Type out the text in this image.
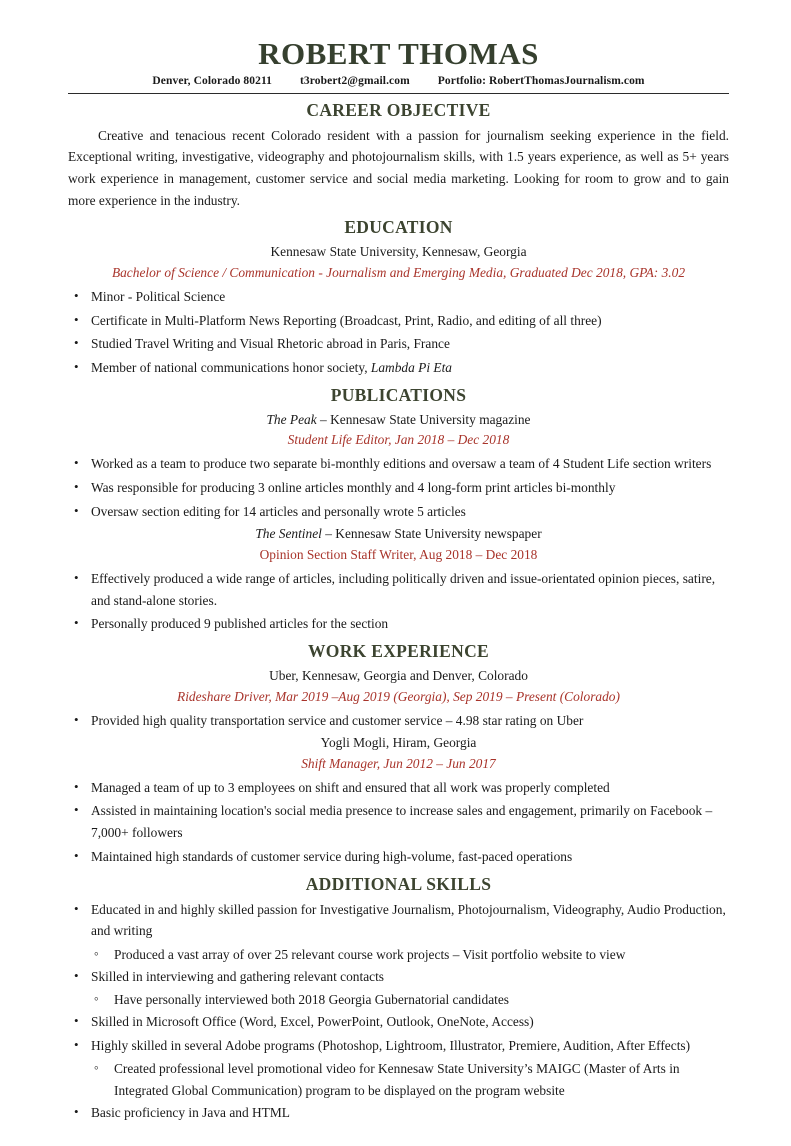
ROBERT THOMAS
Denver, Colorado 80211 t3robert2@gmail.com Portfolio: RobertThomasJournalism.com
CAREER OBJECTIVE

Creative and tenacious recent Colorado resident with a passion for journalism seeking experience in the field. Exceptional writing, investigative, videography and photojournalism skills, with 1.5 years experience, as well as 5+ years work experience in management, customer service and social media marketing. Looking for room to grow and to gain more experience in the industry.

EDUCATION

Kennesaw State University, Kennesaw, Georgia

Bachelor of Science / Communication - Journalism and Emerging Media, Graduated Dec 2018, GPA: 3.02

• Minor - Political Science
• Certificate in Multi-Platform News Reporting (Broadcast, Print, Radio, and editing of all three)
• Studied Travel Writing and Visual Rhetoric abroad in Paris, France
• Member of national communications honor society, Lambda Pi Eta
PUBLICATIONS

The Peak – Kennesaw State University magazine

Student Life Editor, Jan 2018 – Dec 2018

• Worked as a team to produce two separate bi-monthly editions and oversaw a team of 4 Student Life section writers
• Was responsible for producing 3 online articles monthly and 4 long-form print articles bi-monthly
• Oversaw section editing for 14 articles and personally wrote 5 articles

The Sentinel – Kennesaw State University newspaper

Opinion Section Staff Writer, Aug 2018 – Dec 2018

• Effectively produced a wide range of articles, including politically driven and issue-orientated opinion pieces, satire, and stand-alone stories.
• Personally produced 9 published articles for the section
WORK EXPERIENCE

Uber, Kennesaw, Georgia and Denver, Colorado

Rideshare Driver, Mar 2019 –Aug 2019 (Georgia), Sep 2019 – Present (Colorado)

• Provided high quality transportation service and customer service – 4.98 star rating on Uber

Yogli Mogli, Hiram, Georgia

Shift Manager, Jun 2012 – Jun 2017

• Managed a team of up to 3 employees on shift and ensured that all work was properly completed
• Assisted in maintaining location's social media presence to increase sales and engagement, primarily on Facebook – 7,000+ followers
• Maintained high standards of customer service during high-volume, fast-paced operations
ADDITIONAL SKILLS
• Educated in and highly skilled passion for Investigative Journalism, Photojournalism, Videography, Audio Production, and writing
◦ Produced a vast array of over 25 relevant course work projects – Visit portfolio website to view
• Skilled in interviewing and gathering relevant contacts
◦ Have personally interviewed both 2018 Georgia Gubernatorial candidates
• Skilled in Microsoft Office (Word, Excel, PowerPoint, Outlook, OneNote, Access)
• Highly skilled in several Adobe programs (Photoshop, Lightroom, Illustrator, Premiere, Audition, After Effects)
◦ Created professional level promotional video for Kennesaw State University’s MAIGC (Master of Arts in Integrated Global Communication) program to be displayed on the program website
• Basic proficiency in Java and HTML
